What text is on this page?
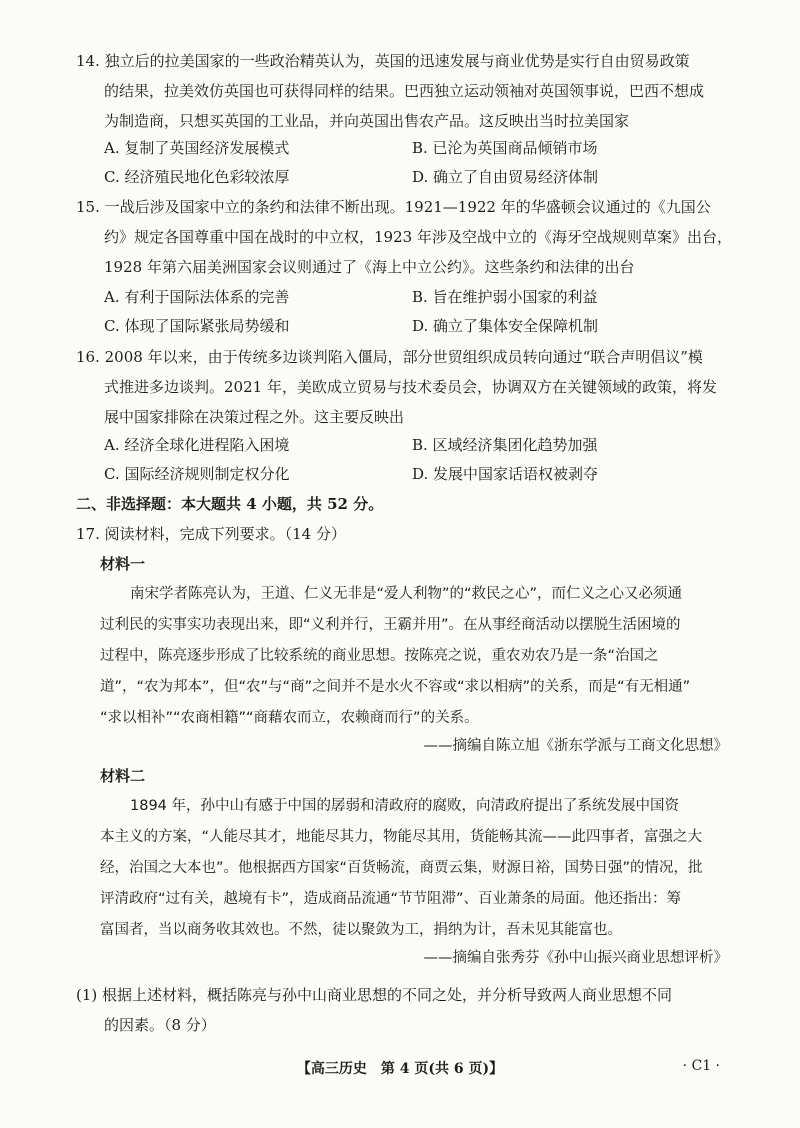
14. 独立后的拉美国家的一些政治精英认为，英国的迅速发展与商业优势是实行自由贸易政策
的结果，拉美效仿英国也可获得同样的结果。巴西独立运动领袖对英国领事说，巴西不想成
为制造商，只想买英国的工业品，并向英国出售农产品。这反映出当时拉美国家
A. 复制了英国经济发展模式	B. 已沦为英国商品倾销市场
C. 经济殖民地化色彩较浓厚	D. 确立了自由贸易经济体制
15. 一战后涉及国家中立的条约和法律不断出现。1921—1922 年的华盛顿会议通过的《九国公
约》规定各国尊重中国在战时的中立权，1923 年涉及空战中立的《海牙空战规则草案》出台，
1928 年第六届美洲国家会议则通过了《海上中立公约》。这些条约和法律的出台
A. 有利于国际法体系的完善	B. 旨在维护弱小国家的利益
C. 体现了国际紧张局势缓和	D. 确立了集体安全保障机制
16. 2008 年以来，由于传统多边谈判陷入僵局，部分世贸组织成员转向通过“联合声明倡议”模
式推进多边谈判。2021 年，美欧成立贸易与技术委员会，协调双方在关键领域的政策，将发
展中国家排除在决策过程之外。这主要反映出
A. 经济全球化进程陷入困境	B. 区域经济集团化趋势加强
C. 国际经济规则制定权分化	D. 发展中国家话语权被剥夺
二、非选择题：本大题共 4 小题，共 52 分。
17. 阅读材料，完成下列要求。（14 分）
材料一
南宋学者陈亮认为，王道、仁义无非是“爱人利物”的“救民之心”，而仁义之心又必须通
过利民的实事实功表现出来，即“义利并行，王霸并用”。在从事经商活动以摆脱生活困境的
过程中，陈亮逐步形成了比较系统的商业思想。按陈亮之说，重农劝农乃是一条“治国之
道”，“农为邦本”，但“农”与“商”之间并不是水火不容或“求以相病”的关系，而是“有无相通”
“求以相补”“农商相籍”“商藉农而立，农赖商而行”的关系。
——摘编自陈立旭《浙东学派与工商文化思想》
材料二
1894 年，孙中山有感于中国的孱弱和清政府的腐败，向清政府提出了系统发展中国资
本主义的方案，“人能尽其才，地能尽其力，物能尽其用，货能畅其流——此四事者，富强之大
经，治国之大本也”。他根据西方国家“百货畅流，商贾云集，财源日裕，国势日强”的情况，批
评清政府“过有关，越境有卡”，造成商品流通“节节阻滞”、百业萧条的局面。他还指出：筹
富国者，当以商务收其效也。不然，徒以聚敛为工，捐纳为计，吾未见其能富也。
——摘编自张秀芬《孙中山振兴商业思想评析》
(1) 根据上述材料，概括陈亮与孙中山商业思想的不同之处，并分析导致两人商业思想不同
的因素。（8 分）
【高三历史　第 4 页(共 6 页)】	· C1 ·
